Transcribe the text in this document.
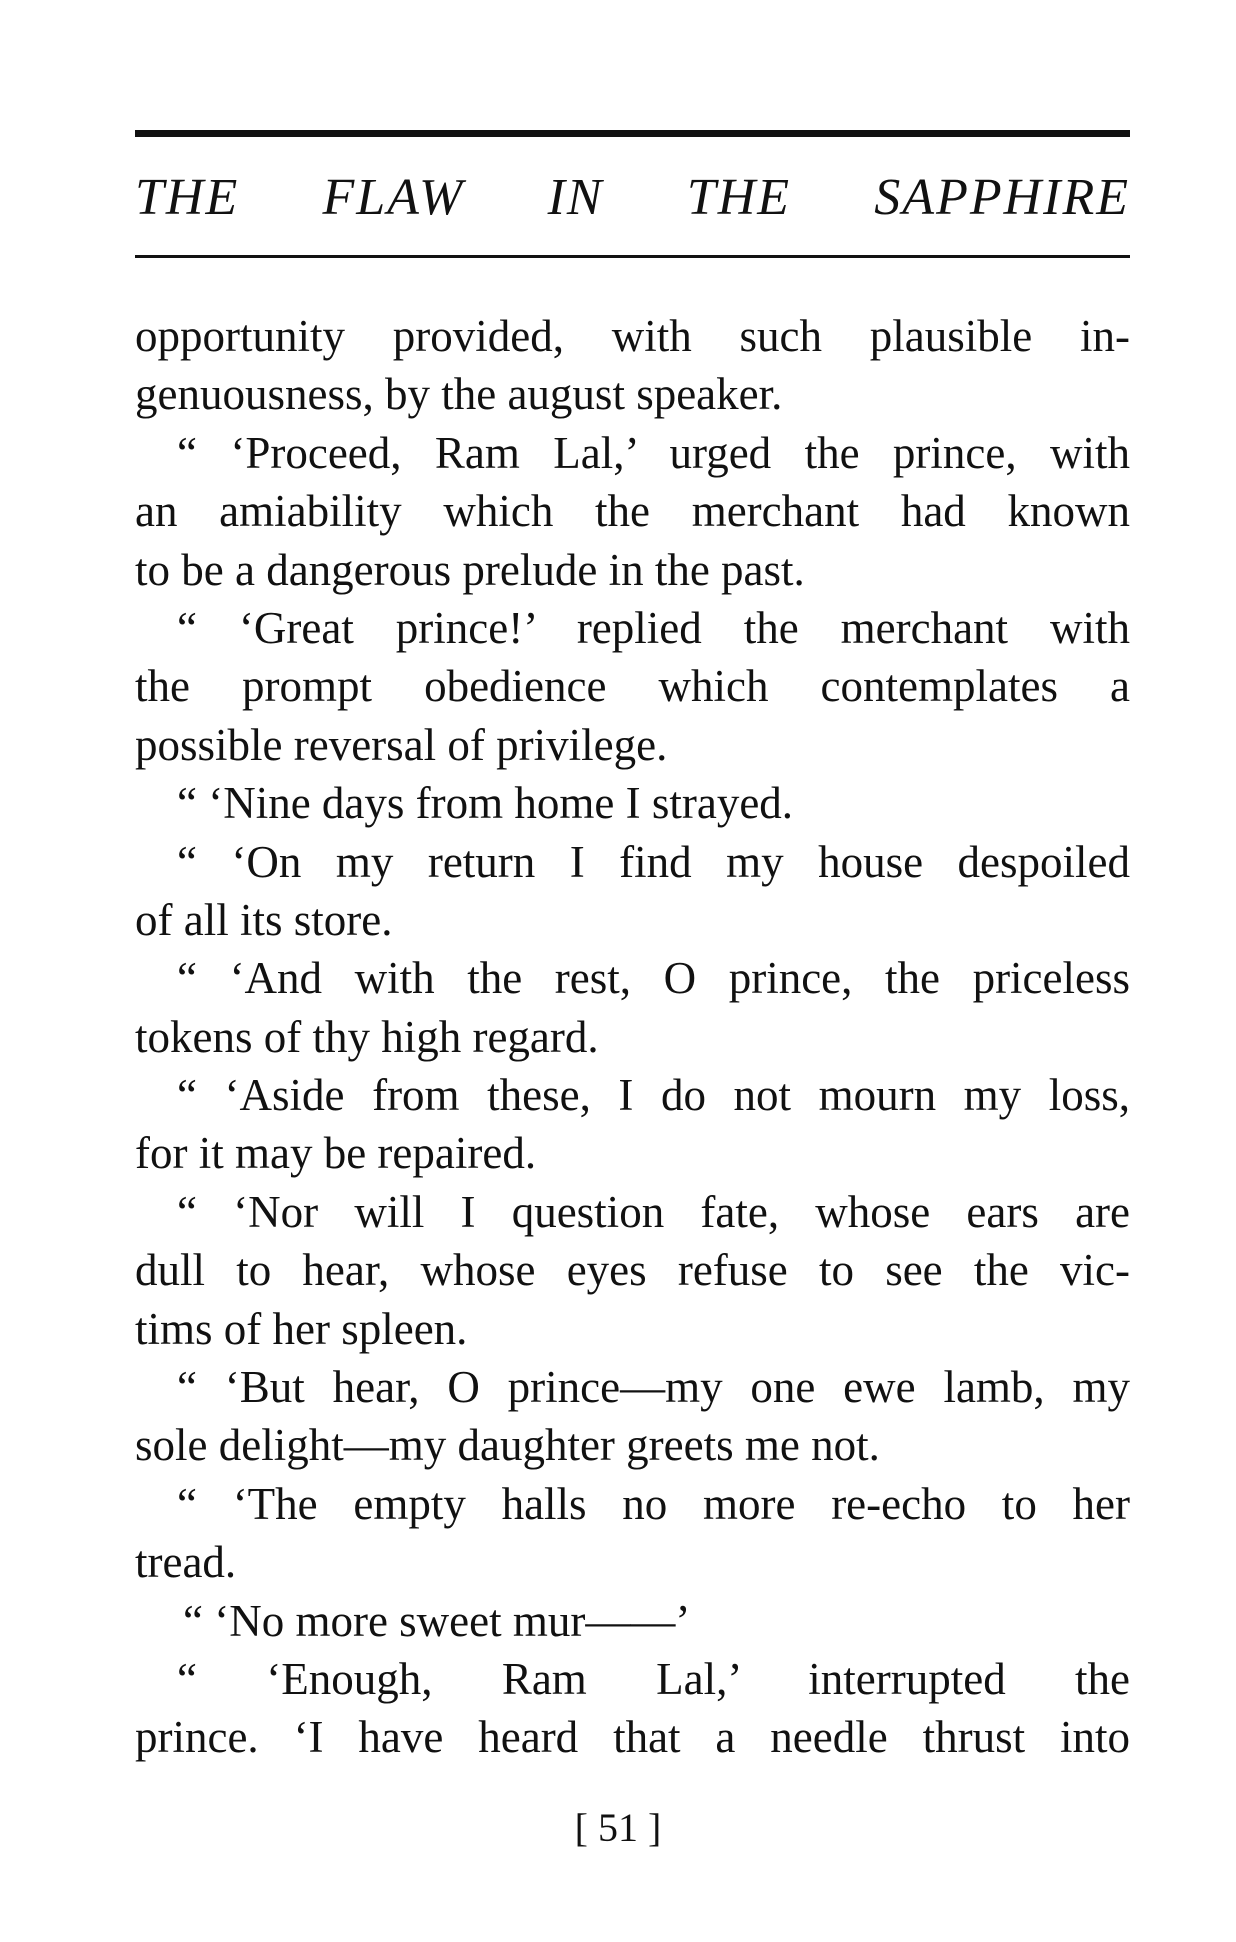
THE FLAW IN THE SAPPHIRE
opportunity provided, with such plausible in-
genuousness, by the august speaker.
“ ‘Proceed, Ram Lal,’ urged the prince, with
an amiability which the merchant had known
to be a dangerous prelude in the past.
“ ‘Great prince!’ replied the merchant with
the prompt obedience which contemplates a
possible reversal of privilege.
“ ‘Nine days from home I strayed.
“ ‘On my return I find my house despoiled
of all its store.
“ ‘And with the rest, O prince, the priceless
tokens of thy high regard.
“ ‘Aside from these, I do not mourn my loss,
for it may be repaired.
“ ‘Nor will I question fate, whose ears are
dull to hear, whose eyes refuse to see the vic-
tims of her spleen.
“ ‘But hear, O prince—my one ewe lamb, my
sole delight—my daughter greets me not.
“ ‘The empty halls no more re-echo to her
tread.
“ ‘No more sweet mur——’
“ ‘Enough, Ram Lal,’ interrupted the
prince. ‘I have heard that a needle thrust into
[ 51 ]
